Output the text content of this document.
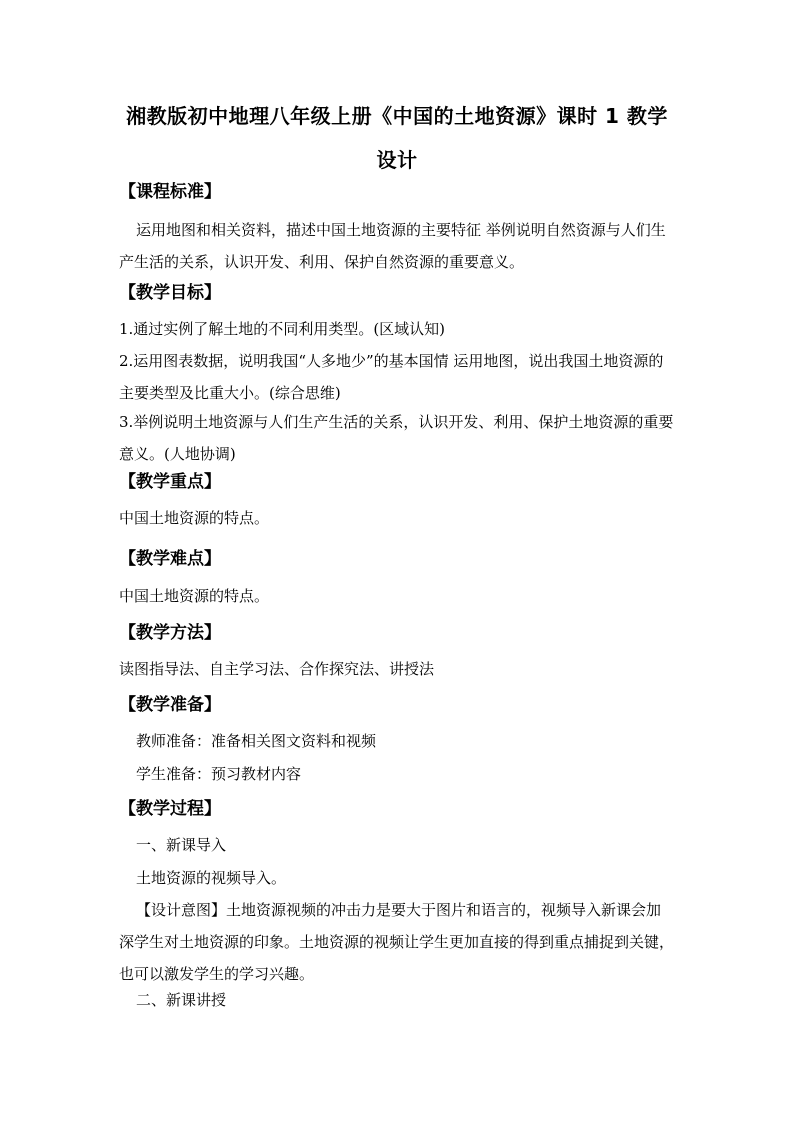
湘教版初中地理八年级上册《中国的土地资源》课时 1 教学设计
【课程标准】
运用地图和相关资料，描述中国土地资源的主要特征 举例说明自然资源与人们生产生活的关系，认识开发、利用、保护自然资源的重要意义。
【教学目标】
1.通过实例了解土地的不同利用类型。(区域认知)
2.运用图表数据，说明我国“人多地少”的基本国情 运用地图，说出我国土地资源的主要类型及比重大小。(综合思维)
3.举例说明土地资源与人们生产生活的关系，认识开发、利用、保护土地资源的重要意义。(人地协调)
【教学重点】
中国土地资源的特点。
【教学难点】
中国土地资源的特点。
【教学方法】
读图指导法、自主学习法、合作探究法、讲授法
【教学准备】
教师准备：准备相关图文资料和视频
学生准备：预习教材内容
【教学过程】
一、新课导入
土地资源的视频导入。
【设计意图】土地资源视频的冲击力是要大于图片和语言的，视频导入新课会加深学生对土地资源的印象。土地资源的视频让学生更加直接的得到重点捕捉到关键，也可以激发学生的学习兴趣。
二、新课讲授
